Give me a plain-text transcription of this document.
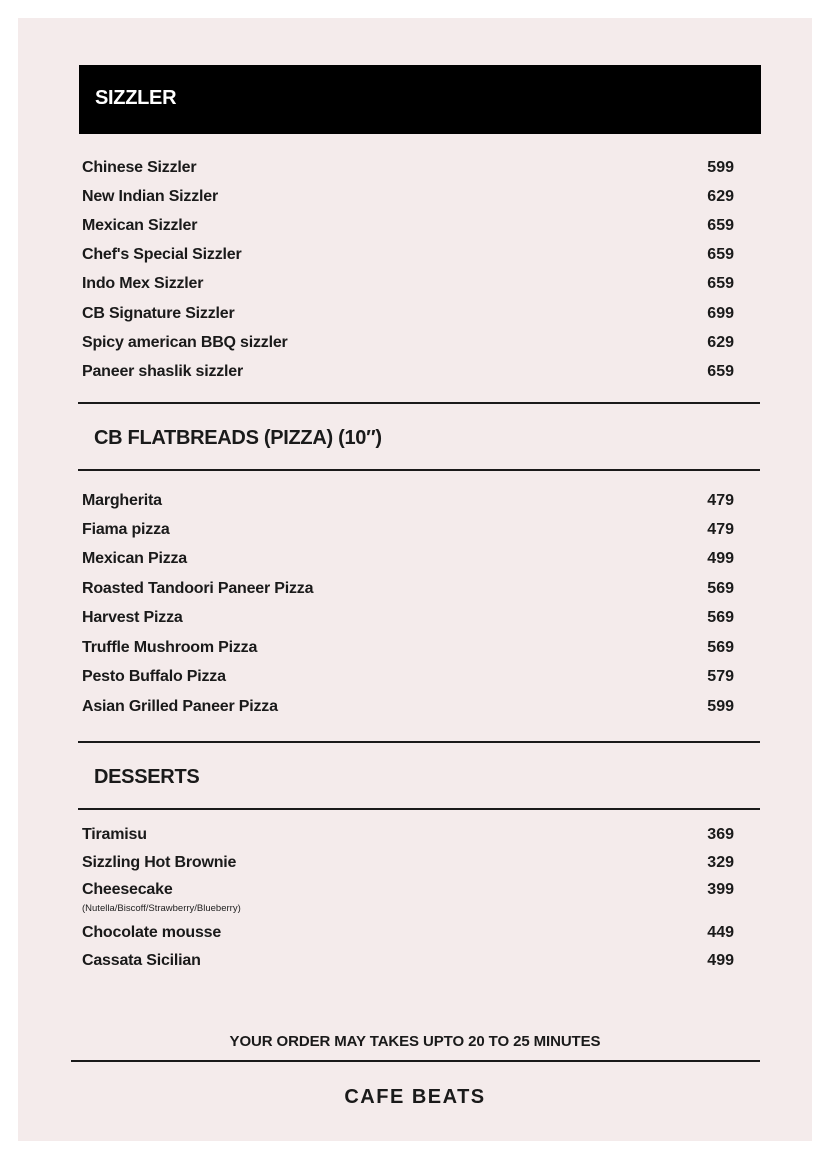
SIZZLER
Chinese Sizzler	599
New Indian Sizzler	629
Mexican Sizzler	659
Chef's Special Sizzler	659
Indo Mex Sizzler	659
CB Signature Sizzler	699
Spicy american BBQ sizzler	629
Paneer shaslik sizzler	659
CB FLATBREADS (PIZZA) (10″)
Margherita	479
Fiama pizza	479
Mexican Pizza	499
Roasted Tandoori Paneer Pizza	569
Harvest Pizza	569
Truffle Mushroom Pizza	569
Pesto Buffalo Pizza	579
Asian Grilled Paneer Pizza	599
DESSERTS
Tiramisu	369
Sizzling Hot Brownie	329
Cheesecake	399
(Nutella/Biscoff/Strawberry/Blueberry)
Chocolate mousse	449
Cassata Sicilian	499
YOUR ORDER MAY TAKES UPTO 20 TO 25 MINUTES
CAFE BEATS
